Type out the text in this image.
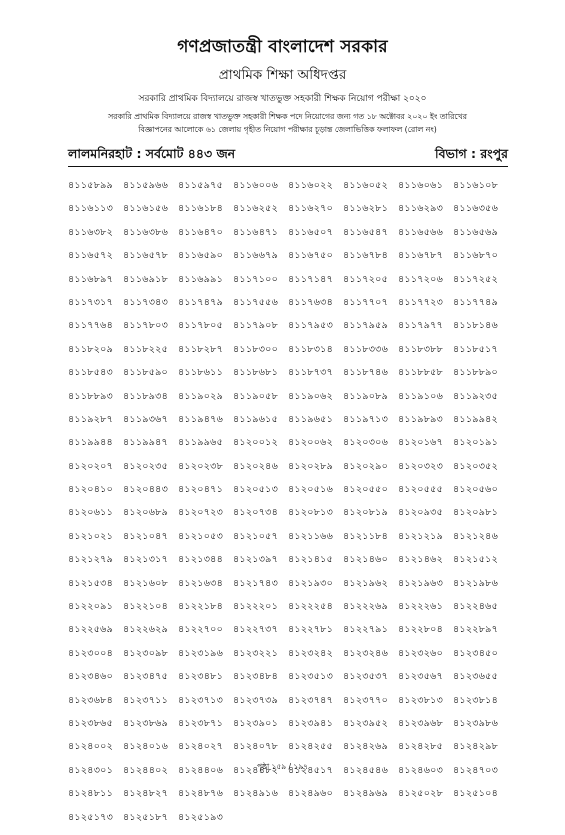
গণপ্রজাতন্ত্রী বাংলাদেশ সরকার
প্রাথমিক শিক্ষা অধিদপ্তর
সরকারি প্রাথমিক বিদ্যালয়ে রাজস্ব খাতভুক্ত সহকারী শিক্ষক নিয়োগ পরীক্ষা ২০২০
সরকারি প্রাথমিক বিদ্যালয়ে রাজস্ব খাতভুক্ত সহকারী শিক্ষক পদে নিয়োগের জন্য গত ১৮ অক্টোবর ২০২০ ইং তারিখের
বিজ্ঞাপনের আলোকে ৬১ জেলায় গৃহীত নিয়োগ পরীক্ষার চূড়ান্ত জেলাভিত্তিক ফলাফল (রোল নং)
লালমনিরহাট : সর্বমোট ৪৪৩ জন	বিভাগ : রংপুর
৪১১৫৮৯৯	৪১১৫৯৬৬	৪১১৫৯৭৫	৪১১৬০০৬	৪১১৬০২২	৪১১৬০৫২	৪১১৬০৬১	৪১১৬১০৮
৪১১৬১১৩	৪১১৬১৫৬	৪১১৬১৮৪	৪১১৬২৫২	৪১১৬২৭০	৪১১৬২৮১	৪১১৬২৯৩	৪১১৬৩৫৬
৪১১৬৩৮২	৪১১৬৩৮৬	৪১১৬৪৭০	৪১১৬৪৭১	৪১১৬৫০৭	৪১১৬৫৪৭	৪১১৬৫৬৬	৪১১৬৫৬৯
৪১১৬৫৭২	৪১১৬৫৭৮	৪১১৬৫৯০	৪১১৬৬৭৯	৪১১৬৭৫০	৪১১৬৭৮৪	৪১১৬৭৮৭	৪১১৬৮৭০
৪১১৬৮৯৭	৪১১৬৯১৮	৪১১৬৯৯১	৪১১৭১০০	৪১১৭১৪৭	৪১১৭২০৫	৪১১৭২০৬	৪১১৭২৫২
৪১১৭৩১৭	৪১১৭৩৪৩	৪১১৭৪৭৯	৪১১৭৫৫৬	৪১১৭৬৩৪	৪১১৭৭০৭	৪১১৭৭২৩	৪১১৭৭৪৯
৪১১৭৭৬৪	৪১১৭৮০৩	৪১১৭৮০৫	৪১১৭৯০৮	৪১১৭৯৫৩	৪১১৭৯৫৯	৪১১৭৯৭৭	৪১১৮১৪৬
৪১১৮২০৯	৪১১৮২২৫	৪১১৮২৮৭	৪১১৮৩০০	৪১১৮৩১৪	৪১১৮৩৩৬	৪১১৮৩৮৮	৪১১৮৫১৭
৪১১৮৫৪৩	৪১১৮৫৯০	৪১১৮৬১১	৪১১৮৬৮১	৪১১৮৭৩৭	৪১১৮৭৪৬	৪১১৮৮৫৮	৪১১৮৮৯০
৪১১৮৮৯৩	৪১১৮৯৩৪	৪১১৯০২৯	৪১১৯০৫৮	৪১১৯০৬২	৪১১৯০৮৯	৪১১৯১০৬	৪১১৯২৩৫
৪১১৯২৮৭	৪১১৯৩৬৭	৪১১৯৪৭৬	৪১১৯৬১৫	৪১১৯৬৫১	৪১১৯৭১৩	৪১১৯৮৯৩	৪১১৯৯৪২
৪১১৯৯৪৪	৪১১৯৯৪৭	৪১১৯৯৬৫	৪১২০০১২	৪১২০০৬২	৪১২০৩০৬	৪১২০১৬৭	৪১২০১৯১
৪১২০২০৭	৪১২০২৩৫	৪১২০২৩৮	৪১২০২৪৬	৪১২০২৮৯	৪১২০২৯০	৪১২০৩২৩	৪১২০৩৫২
৪১২০৪১০	৪১২০৪৪৩	৪১২০৪৭১	৪১২০৫১৩	৪১২০৫১৬	৪১২০৫৫০	৪১২০৫৫৫	৪১২০৫৬০
৪১২০৬১১	৪১২০৬৮৯	৪১২০৭২৩	৪১২০৭৩৪	৪১২০৮১৩	৪১২০৮১৯	৪১২০৯৩৫	৪১২০৯৮১
৪১২১০২১	৪১২১০৪৭	৪১২১০৫৩	৪১২১০৫৭	৪১২১১৬৬	৪১২১১৮৪	৪১২১২১৯	৪১২১২৪৬
৪১২১২৭৯	৪১২১৩১৭	৪১২১৩৪৪	৪১২১৩৯৭	৪১২১৪১৫	৪১২১৪৬০	৪১২১৪৬২	৪১২১৫১২
৪১২১৫৩৪	৪১২১৬০৮	৪১২১৬৩৪	৪১২১৭৪৩	৪১২১৯৩০	৪১২১৯৬২	৪১২১৯৬৩	৪১২১৯৮৬
৪১২২০৯১	৪১২২১০৪	৪১২২১৮৪	৪১২২২০১	৪১২২২৫৪	৪১২২২৬৯	৪১২২২৬১	৪১২২৪৬৫
৪১২২৫৬৯	৪১২২৬২৯	৪১২২৭০০	৪১২২৭৩৭	৪১২২৭৮১	৪১২২৭৯১	৪১২২৮০৪	৪১২২৮৯৭
৪১২৩০০৪	৪১২৩০৯৮	৪১২৩১৯৬	৪১২৩২২১	৪১২৩২৪২	৪১২৩২৪৬	৪১২৩২৬০	৪১২৩৪৫০
৪১২৩৪৬০	৪১২৩৪৭৫	৪১২৩৪৮১	৪১২৩৪৮৪	৪১২৩৫১৩	৪১২৩৫৩৭	৪১২৩৫৬৭	৪১২৩৬৫৫
৪১২৩৬৮৪	৪১২৩৭১১	৪১২৩৭১৩	৪১২৩৭৩৯	৪১২৩৭৪৭	৪১২৩৭৭০	৪১২৩৮১৩	৪১২৩৮১৪
৪১২৩৮৬৫	৪১২৩৮৬৯	৪১২৩৮৭১	৪১২৩৯০১	৪১২৩৯৪১	৪১২৩৯৫২	৪১২৩৯৬৮	৪১২৩৯৮৬
৪১২৪০০২	৪১২৪০১৬	৪১২৪০২৭	৪১২৪০৭৮	৪১২৪২৫৫	৪১২৪২৬৯	৪১২৪২৮৫	৪১২৪২৯৮
৪১২৪৩০১	৪১২৪৪০২	৪১২৪৪০৬	৪১২৪৪৮২	৪১২৪৫১৭	৪১২৪৫৪৬	৪১২৪৬০৩	৪১২৪৭০৩
৪১২৪৮১১	৪১২৪৮২৭	৪১২৪৮৭৬	৪১২৪৯১৬	৪১২৪৯৬০	৪১২৪৯৬৯	৪১২৫০২৮	৪১২৫১০৪
৪১২৫১৭৩	৪১২৫১৮৭	৪১২৫১৯৩
পৃষ্ঠা ১৫৯ / ১৯৭
